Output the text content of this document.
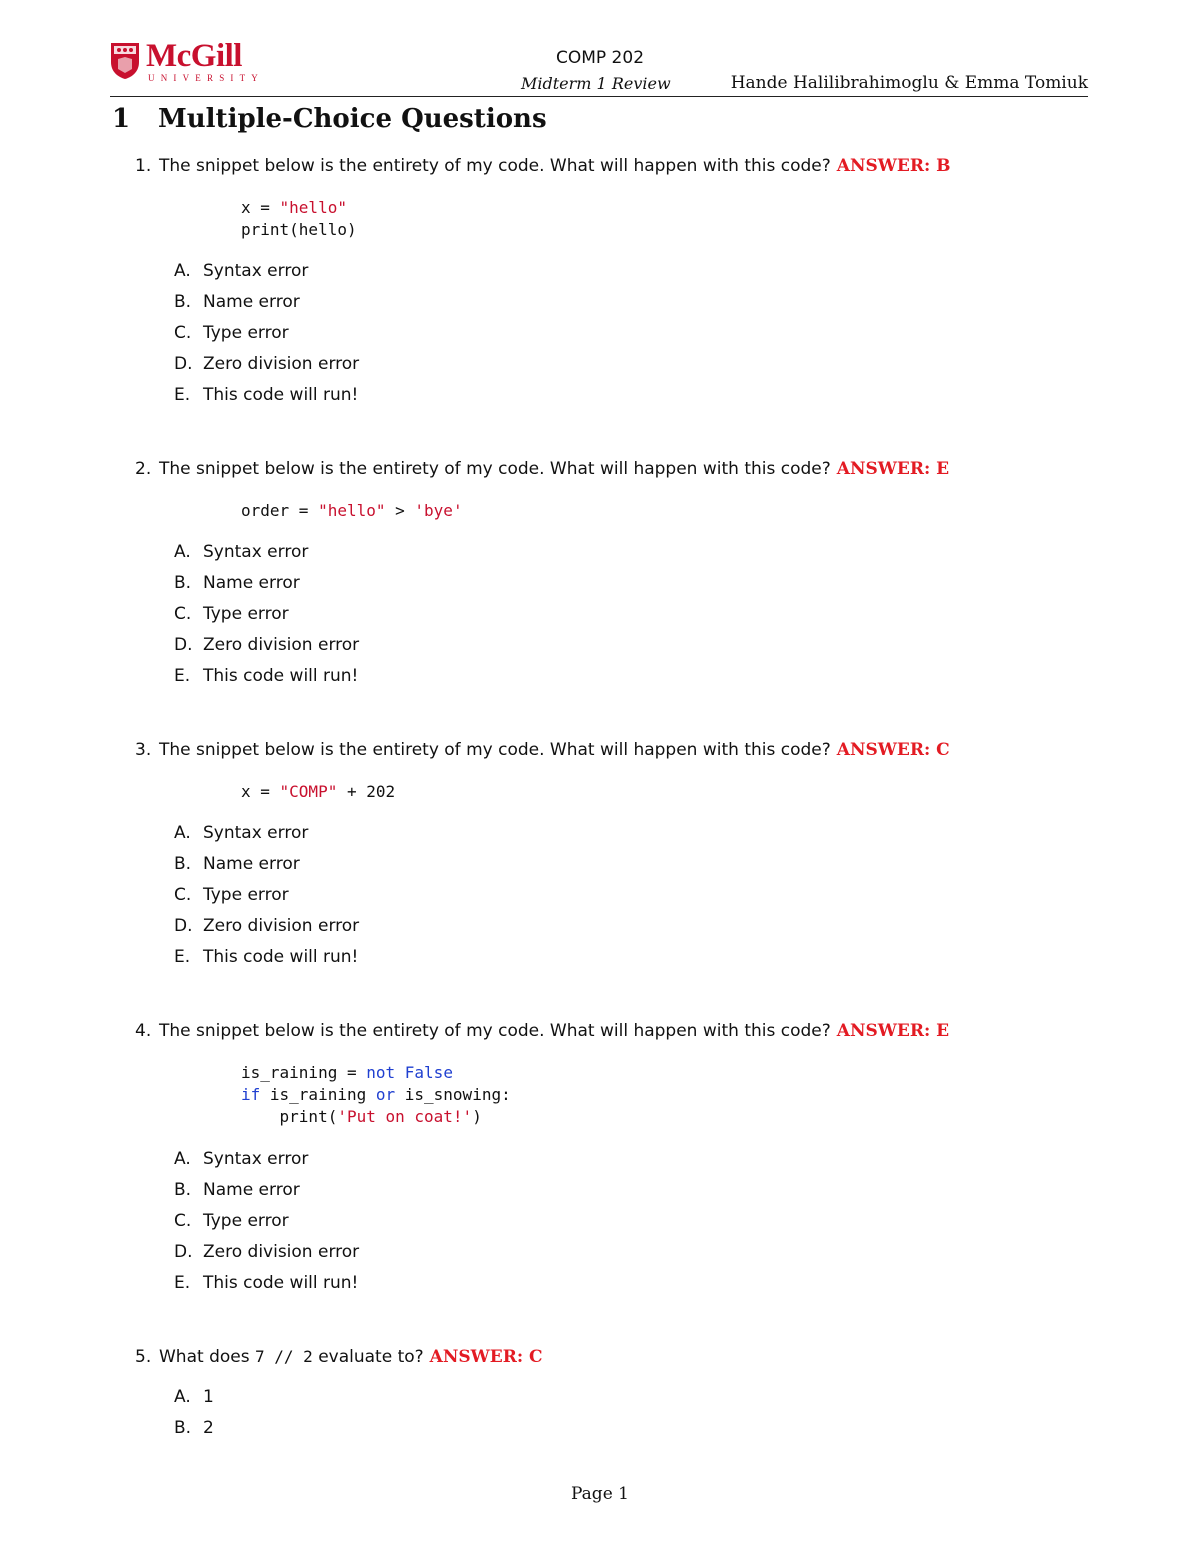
McGill
UNIVERSITY
COMP 202
Midterm 1 Review	Hande Halilibrahimoglu & Emma Tomiuk
1 Multiple-Choice Questions
1. The snippet below is the entirety of my code. What will happen with this code? ANSWER: B
x = "hello"
print(hello)
A. Syntax error
B. Name error
C. Type error
D. Zero division error
E. This code will run!
2. The snippet below is the entirety of my code. What will happen with this code? ANSWER: E
order = "hello" > 'bye'
A. Syntax error
B. Name error
C. Type error
D. Zero division error
E. This code will run!
3. The snippet below is the entirety of my code. What will happen with this code? ANSWER: C
x = "COMP" + 202
A. Syntax error
B. Name error
C. Type error
D. Zero division error
E. This code will run!
4. The snippet below is the entirety of my code. What will happen with this code? ANSWER: E
is_raining = not False
if is_raining or is_snowing:
print('Put on coat!')
A. Syntax error
B. Name error
C. Type error
D. Zero division error
E. This code will run!
5. What does 7 // 2 evaluate to? ANSWER: C
A. 1
B. 2
Page 1
